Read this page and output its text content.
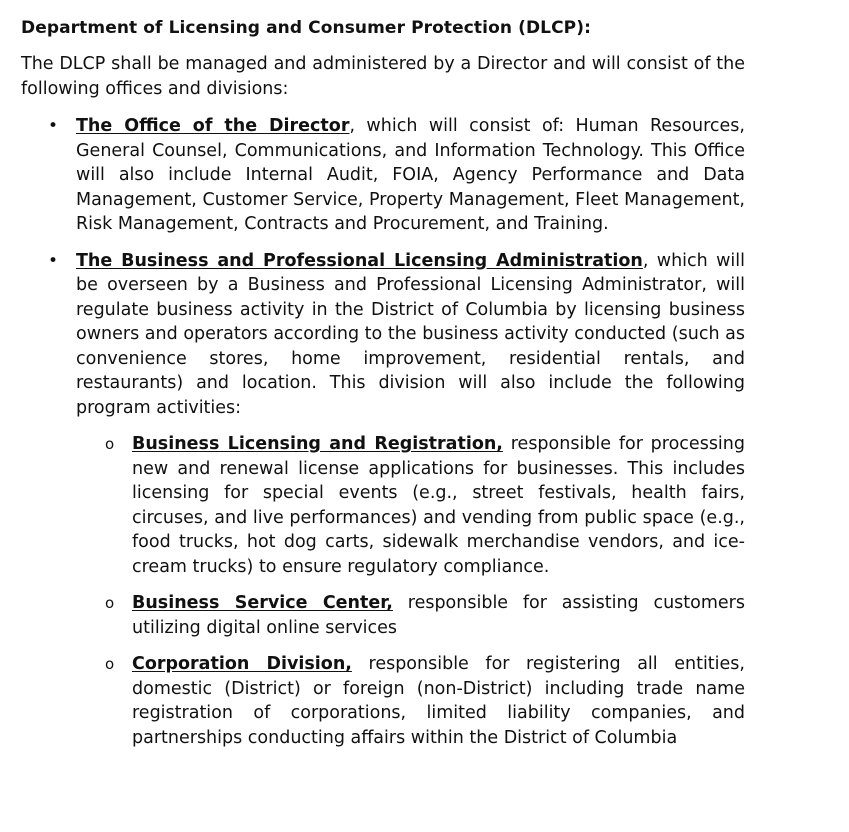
Department of Licensing and Consumer Protection (DLCP):
The DLCP shall be managed and administered by a Director and will consist of the following offices and divisions:
• The Office of the Director, which will consist of: Human Resources, General Counsel, Communications, and Information Technology. This Office will also include Internal Audit, FOIA, Agency Performance and Data Management, Customer Service, Property Management, Fleet Management, Risk Management, Contracts and Procurement, and Training.
• The Business and Professional Licensing Administration, which will be overseen by a Business and Professional Licensing Administrator, will regulate business activity in the District of Columbia by licensing business owners and operators according to the business activity conducted (such as convenience stores, home improvement, residential rentals, and restaurants) and location. This division will also include the following program activities:
o Business Licensing and Registration, responsible for processing new and renewal license applications for businesses. This includes licensing for special events (e.g., street festivals, health fairs, circuses, and live performances) and vending from public space (e.g., food trucks, hot dog carts, sidewalk merchandise vendors, and ice-cream trucks) to ensure regulatory compliance.
o Business Service Center, responsible for assisting customers utilizing digital online services
o Corporation Division, responsible for registering all entities, domestic (District) or foreign (non-District) including trade name registration of corporations, limited liability companies, and partnerships conducting affairs within the District of Columbia
